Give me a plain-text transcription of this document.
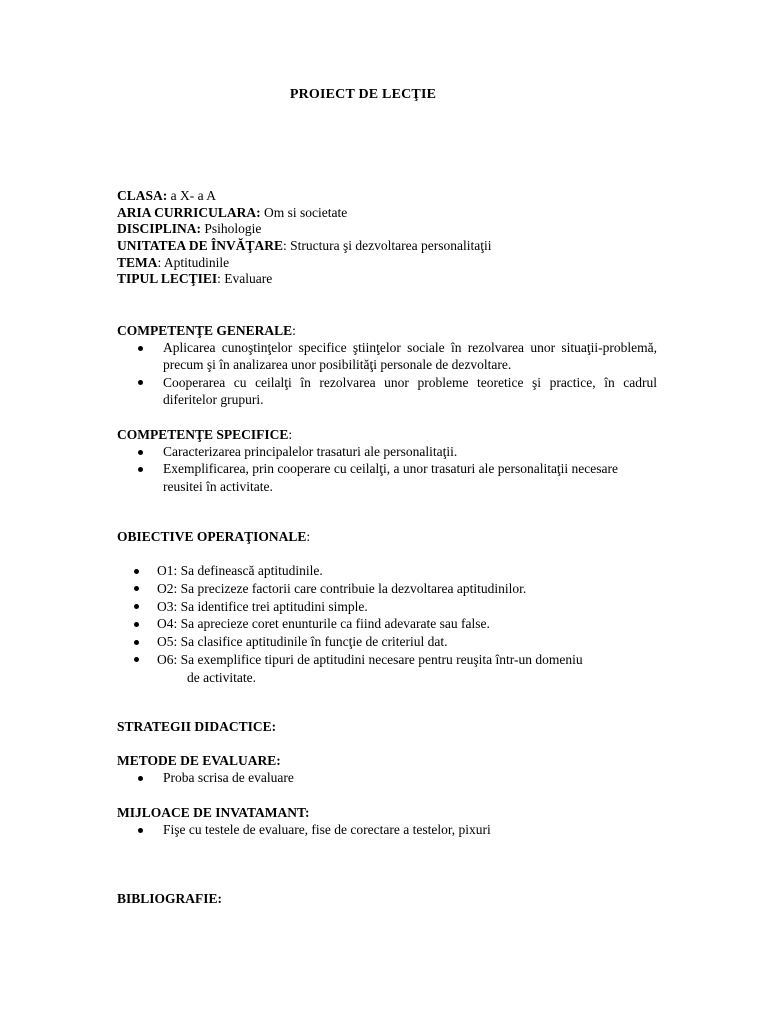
PROIECT DE LECŢIE
CLASA: a X- a A
ARIA CURRICULARA: Om si societate
DISCIPLINA: Psihologie
UNITATEA DE ÎNVĂŢARE: Structura şi dezvoltarea personalitaţii
TEMA: Aptitudinile
TIPUL LECŢIEI: Evaluare
COMPETENŢE GENERALE:
Aplicarea cunoştinţelor specifice ştiinţelor sociale în rezolvarea unor situaţii-problemă, precum şi în analizarea unor posibilităţi personale de dezvoltare.
Cooperarea cu ceilalţi în rezolvarea unor probleme teoretice şi practice, în cadrul diferitelor grupuri.
COMPETENŢE SPECIFICE:
Caracterizarea principalelor trasaturi ale personalitaţii.
Exemplificarea, prin cooperare cu ceilalţi, a unor trasaturi ale personalitaţii necesare reusitei în activitate.
OBIECTIVE OPERAŢIONALE:
O1: Sa definească aptitudinile.
O2: Sa precizeze factorii care contribuie la dezvoltarea aptitudinilor.
O3: Sa identifice trei aptitudini simple.
O4: Sa aprecieze coret enunturile ca fiind adevarate sau false.
O5: Sa clasifice aptitudinile în funcţie de criteriul dat.
O6: Sa exemplifice tipuri de aptitudini necesare pentru reuşita într-un domeniu
de activitate.
STRATEGII DIDACTICE:
METODE DE EVALUARE:
Proba scrisa de evaluare
MIJLOACE DE INVATAMANT:
Fişe cu testele de evaluare, fise de corectare a testelor, pixuri
BIBLIOGRAFIE:
